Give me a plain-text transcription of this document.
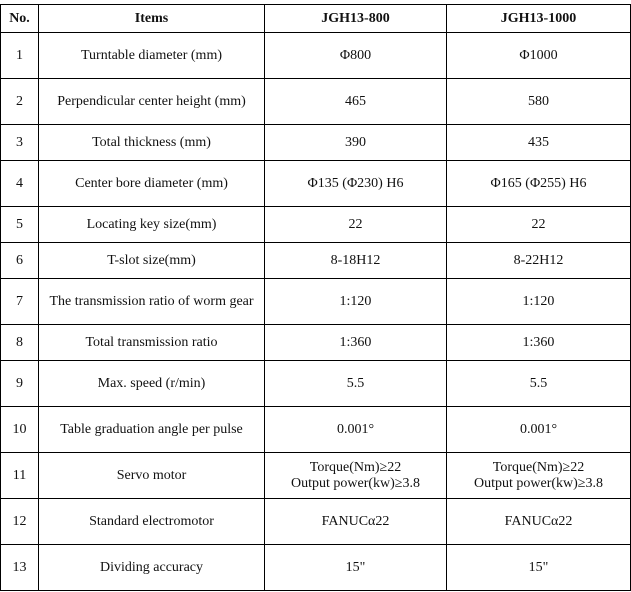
No.	Items	JGH13-800	JGH13-1000
1	Turntable diameter (mm)	Φ800	Φ1000

2	Perpendicular center height (mm)	465	580

3	Total thickness (mm)	390	435

4	Center bore diameter (mm)	Φ135 (Φ230) H6	Φ165 (Φ255) H6

5	Locating key size(mm)	22	22

6	T-slot size(mm)	8-18H12	8-22H12

7	The transmission ratio of worm gear	1:120	1:120

8	Total transmission ratio	1:360	1:360

9	Max. speed (r/min)	5.5	5.5

10	Table graduation angle per pulse	0.001°	0.001°

11	Servo motor	Torque(Nm)≥22
Output power(kw)≥3.8	Torque(Nm)≥22
Output power(kw)≥3.8

12	Standard electromotor	FANUCα22	FANUCα22

13	Dividing accuracy	15"	15"
